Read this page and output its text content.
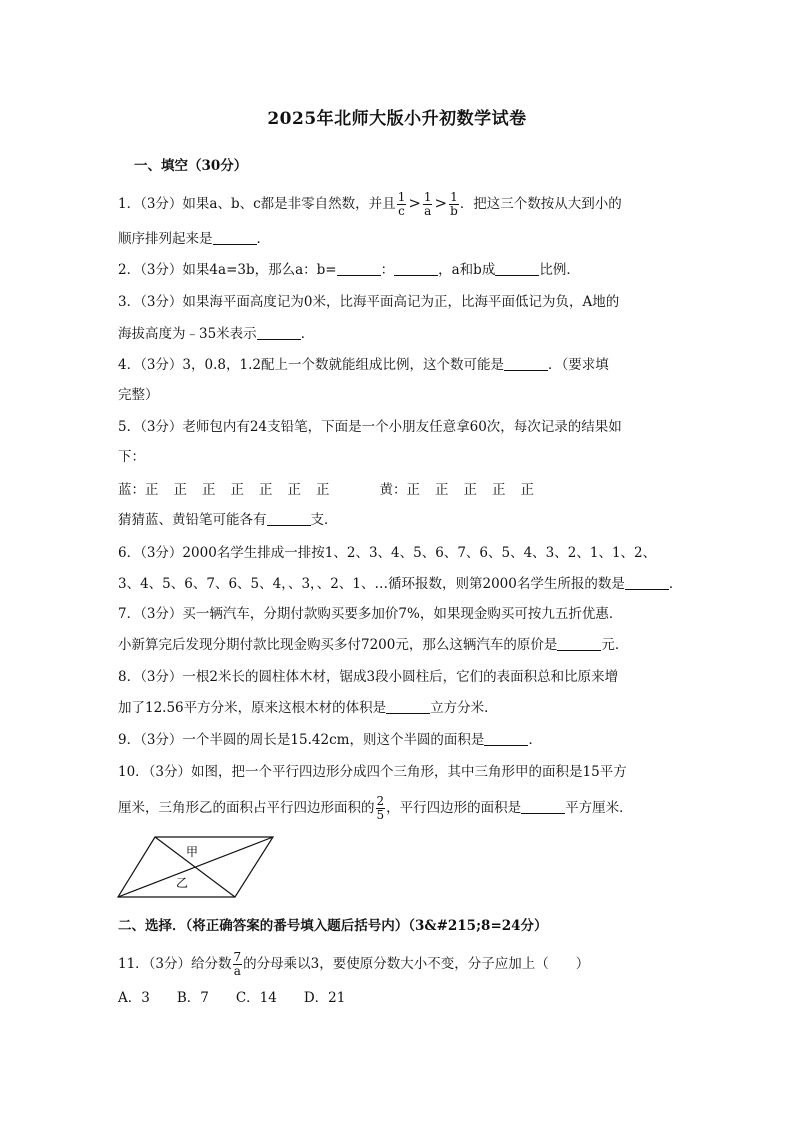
2025年北师大版小升初数学试卷
一、填空（30分）
1．（3分）如果a、b、c都是非零自然数，并且 $\frac{1}{c} > \frac{1}{a} > \frac{1}{b}$ ．把这三个数按从大到小的
顺序排列起来是	．
2．（3分）如果4a=3b，那么a：b=	：	，a和b成	比例．
3．（3分）如果海平面高度记为0米，比海平面高记为正，比海平面低记为负，A地的
海拔高度为﹣35米表示	．
4．（3分）3，0.8，1.2配上一个数就能组成比例，这个数可能是	．（要求填
完整）
5．（3分）老师包内有24支铅笔，下面是一个小朋友任意拿60次，每次记录的结果如
下：
蓝：正 正 正 正 正 正 正	黄：正 正 正 正 正
猜猜蓝、黄铅笔可能各有	支．
6．（3分）2000名学生排成一排按1、2、3、4、5、6、7、6、5、4、3、2、1、1、2、
3、4、5、6、7、6、5、4，、3，、2、1、…循环报数，则第2000名学生所报的数是	．
7．（3分）买一辆汽车，分期付款购买要多加价7%，如果现金购买可按九五折优惠．
小新算完后发现分期付款比现金购买多付7200元，那么这辆汽车的原价是	元．
8．（3分）一根2米长的圆柱体木材，锯成3段小圆柱后，它们的表面积总和比原来增
加了12.56平方分米，原来这根木材的体积是	立方分米．
9．（3分）一个半圆的周长是15.42cm，则这个半圆的面积是	．
10．（3分）如图，把一个平行四边形分成四个三角形，其中三角形甲的面积是15平方
厘米，三角形乙的面积占平行四边形面积的 $\frac{2}{5}$ ，平行四边形的面积是	平方厘米．
甲
乙
二、选择．（将正确答案的番号填入题后括号内）（3&#215;8=24分）
11．（3分）给分数 $\frac{7}{a}$ 的分母乘以3，要使原分数大小不变，分子应加上（　　）
A．3　　B．7　　C．14　　D．21
